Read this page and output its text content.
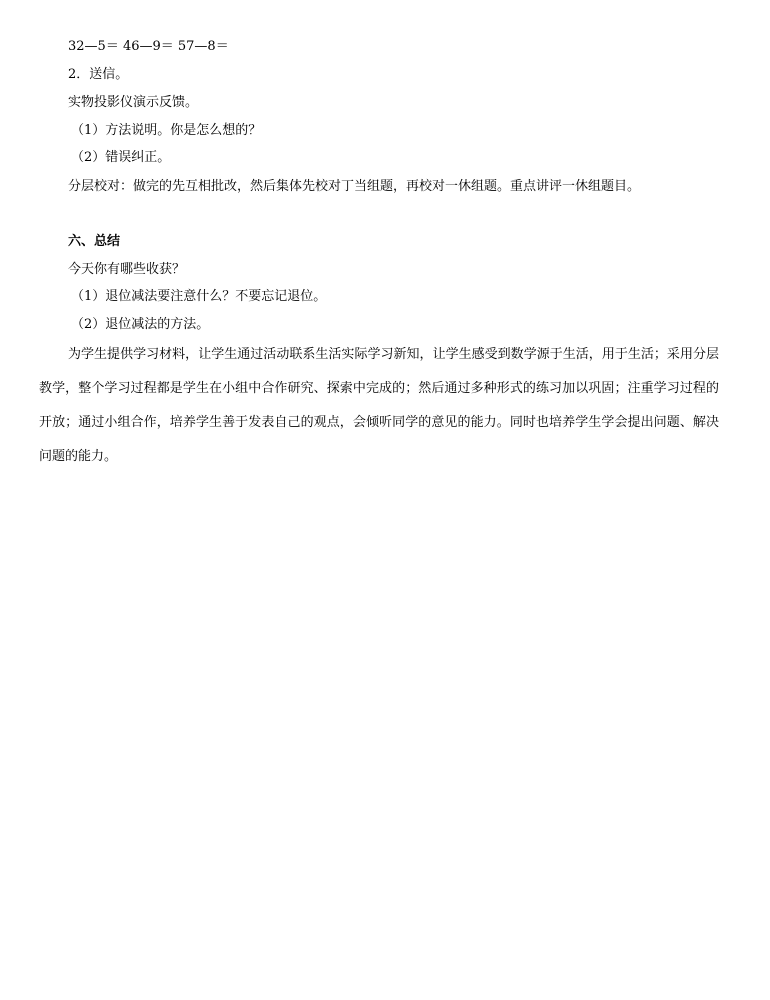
32—5＝ 46—9＝ 57—8＝
2．送信。
实物投影仪演示反馈。
（1）方法说明。你是怎么想的？
（2）错误纠正。
分层校对：做完的先互相批改，然后集体先校对丁当组题，再校对一休组题。重点讲评一休组题目。
六、总结
今天你有哪些收获？
（1）退位减法要注意什么？不要忘记退位。
（2）退位减法的方法。
为学生提供学习材料，让学生通过活动联系生活实际学习新知，让学生感受到数学源于生活，用于生活；采用分层教学，整个学习过程都是学生在小组中合作研究、探索中完成的；然后通过多种形式的练习加以巩固；注重学习过程的开放；通过小组合作，培养学生善于发表自己的观点，会倾听同学的意见的能力。同时也培养学生学会提出问题、解决问题的能力。
